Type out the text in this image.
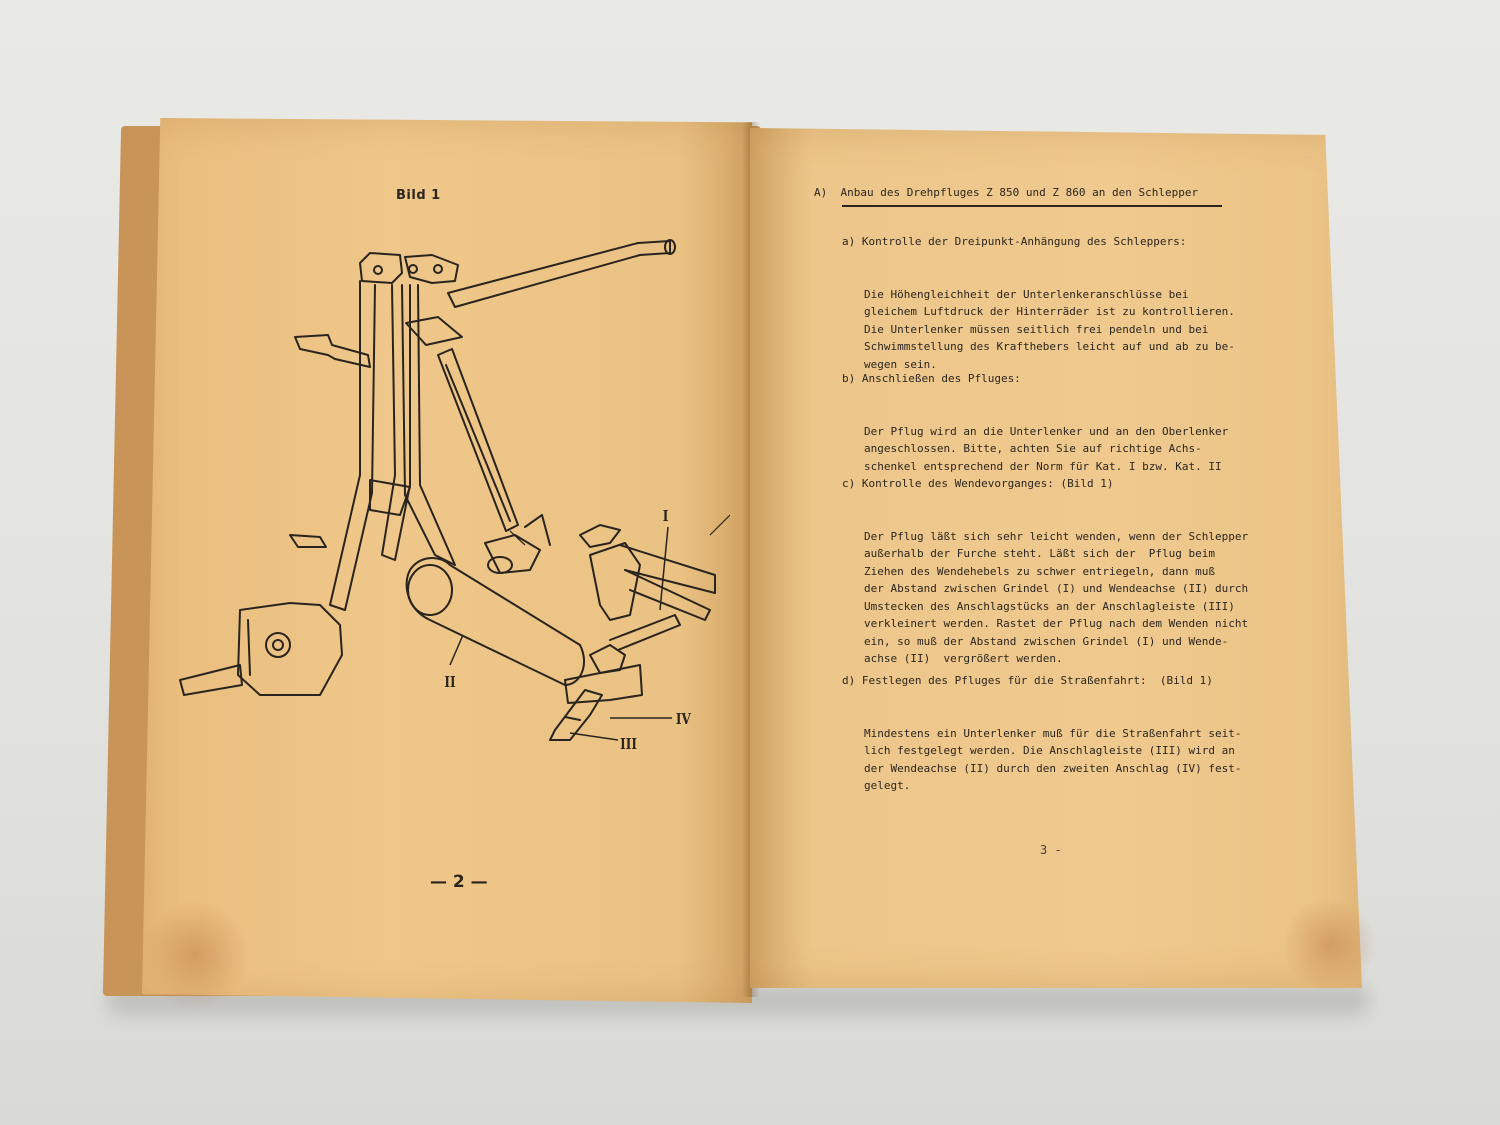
Bild 1
I
II
III
IV
— 2 —
A)  Anbau des Drehpfluges Z 850 und Z 860 an den Schlepper
a) Kontrolle der Dreipunkt-Anhängung des Schleppers:

Die Höhengleichheit der Unterlenkeranschlüsse bei
gleichem Luftdruck der Hinterräder ist zu kontrollieren.
Die Unterlenker müssen seitlich frei pendeln und bei
Schwimmstellung des Krafthebers leicht auf und ab zu be-
wegen sein.
b) Anschließen des Pfluges:

Der Pflug wird an die Unterlenker und an den Oberlenker
angeschlossen. Bitte, achten Sie auf richtige Achs-
schenkel entsprechend der Norm für Kat. I bzw. Kat. II
c) Kontrolle des Wendevorganges: (Bild 1)

Der Pflug läßt sich sehr leicht wenden, wenn der Schlepper
außerhalb der Furche steht. Läßt sich der  Pflug beim
Ziehen des Wendehebels zu schwer entriegeln, dann muß
der Abstand zwischen Grindel (I) und Wendeachse (II) durch
Umstecken des Anschlagstücks an der Anschlagleiste (III)
verkleinert werden. Rastet der Pflug nach dem Wenden nicht
ein, so muß der Abstand zwischen Grindel (I) und Wende-
achse (II)  vergrößert werden.
d) Festlegen des Pfluges für die Straßenfahrt:  (Bild 1)

Mindestens ein Unterlenker muß für die Straßenfahrt seit-
lich festgelegt werden. Die Anschlagleiste (III) wird an
der Wendeachse (II) durch den zweiten Anschlag (IV) fest-
gelegt.
3 -
